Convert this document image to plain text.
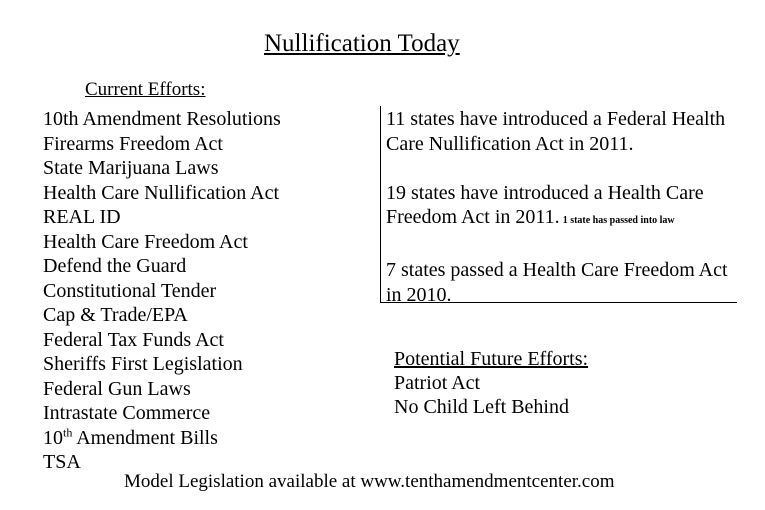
Nullification Today
Current Efforts:
10th Amendment Resolutions
Firearms Freedom Act
State Marijuana Laws
Health Care Nullification Act
REAL ID
Health Care Freedom Act
Defend the Guard
Constitutional Tender
Cap & Trade/EPA
Federal Tax Funds Act
Sheriffs First Legislation
Federal Gun Laws
Intrastate Commerce
10th Amendment Bills
TSA

11 states have introduced a Federal Health Care Nullification Act in 2011.

19 states have introduced a Health Care Freedom Act in 2011. 1 state has passed into law

7 states passed a Health Care Freedom Act in 2010.

Potential Future Efforts:
Patriot Act
No Child Left Behind
Model Legislation available at www.tenthamendmentcenter.com
